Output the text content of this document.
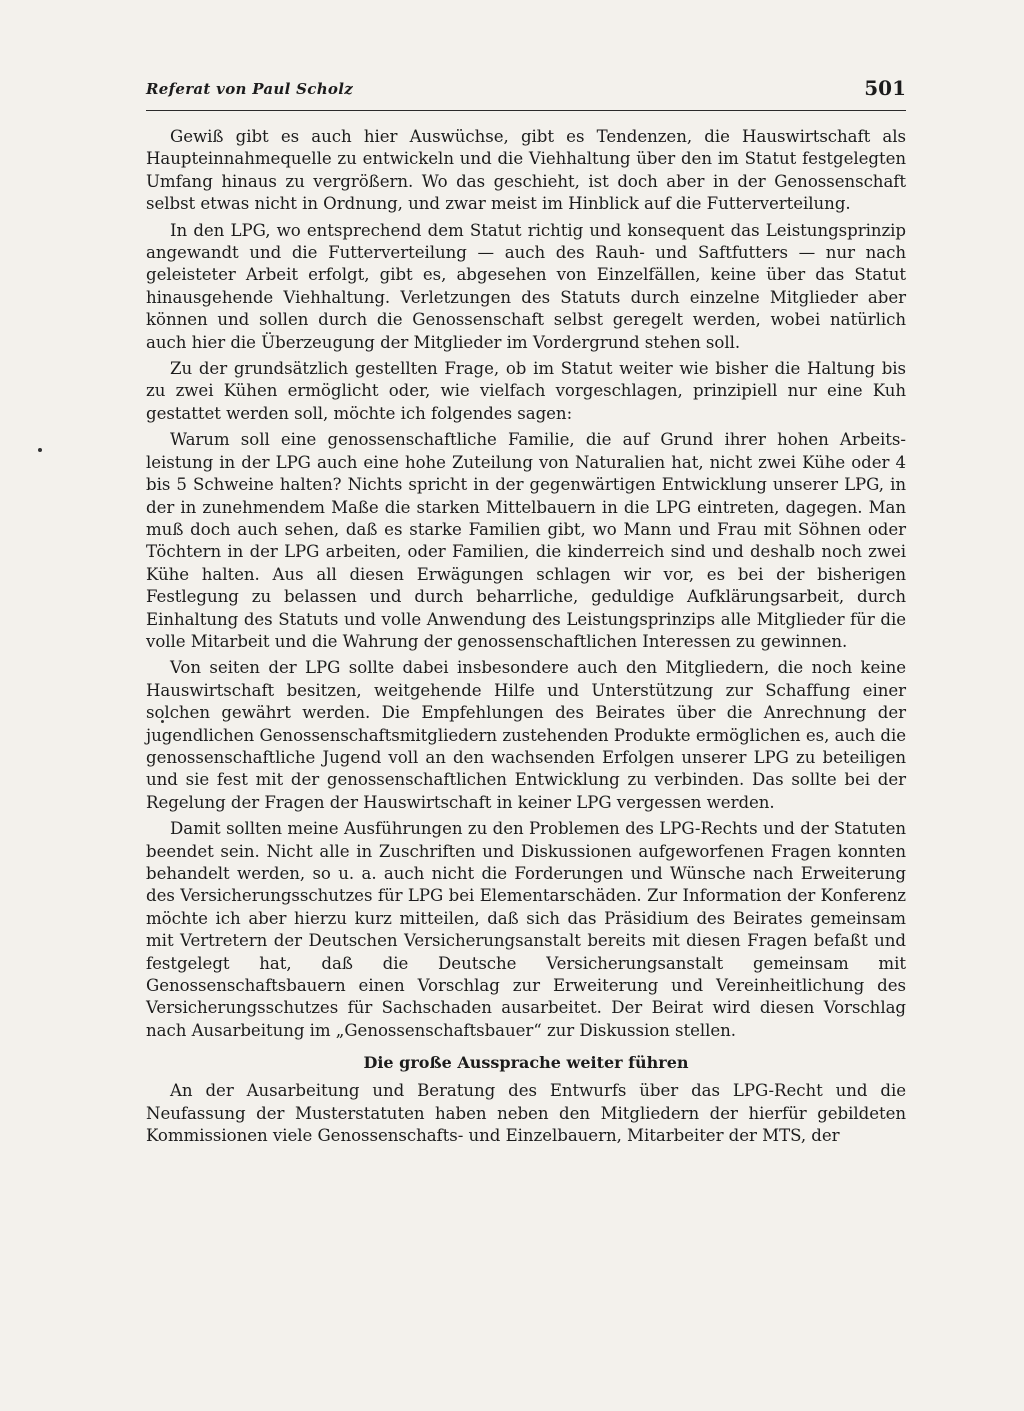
Referat von Paul Scholz	501

Gewiß gibt es auch hier Auswüchse, gibt es Tendenzen, die Hauswirtschaft als Haupteinnahmequelle zu entwickeln und die Viehhaltung über den im Statut festgelegten Umfang hinaus zu vergrößern. Wo das geschieht, ist doch aber in der Genossenschaft selbst etwas nicht in Ordnung, und zwar meist im Hinblick auf die Futterverteilung.

In den LPG, wo entsprechend dem Statut richtig und konsequent das Leistungsprinzip angewandt und die Futterverteilung — auch des Rauh- und Saftfutters — nur nach geleisteter Arbeit erfolgt, gibt es, abgesehen von Einzelfällen, keine über das Statut hinausgehende Viehhaltung. Verletzungen des Statuts durch einzelne Mitglieder aber können und sollen durch die Genossenschaft selbst geregelt werden, wobei natürlich auch hier die Überzeugung der Mitglieder im Vordergrund stehen soll.

Zu der grundsätzlich gestellten Frage, ob im Statut weiter wie bisher die Haltung bis zu zwei Kühen ermöglicht oder, wie vielfach vorgeschlagen, prinzipiell nur eine Kuh gestattet werden soll, möchte ich folgendes sagen:

Warum soll eine genossenschaftliche Familie, die auf Grund ihrer hohen Arbeitsleistung in der LPG auch eine hohe Zuteilung von Naturalien hat, nicht zwei Kühe oder 4 bis 5 Schweine halten? Nichts spricht in der gegenwärtigen Entwicklung unserer LPG, in der in zunehmendem Maße die starken Mittelbauern in die LPG eintreten, dagegen. Man muß doch auch sehen, daß es starke Familien gibt, wo Mann und Frau mit Söhnen oder Töchtern in der LPG arbeiten, oder Familien, die kinderreich sind und deshalb noch zwei Kühe halten. Aus all diesen Erwägungen schlagen wir vor, es bei der bisherigen Festlegung zu belassen und durch beharrliche, geduldige Aufklärungsarbeit, durch Einhaltung des Statuts und volle Anwendung des Leistungsprinzips alle Mitglieder für die volle Mitarbeit und die Wahrung der genossenschaftlichen Interessen zu gewinnen.

Von seiten der LPG sollte dabei insbesondere auch den Mitgliedern, die noch keine Hauswirtschaft besitzen, weitgehende Hilfe und Unterstützung zur Schaffung einer solchen gewährt werden. Die Empfehlungen des Beirates über die Anrechnung der jugendlichen Genossenschaftsmitgliedern zustehenden Produkte ermöglichen es, auch die genossenschaftliche Jugend voll an den wachsenden Erfolgen unserer LPG zu beteiligen und sie fest mit der genossenschaftlichen Entwicklung zu verbinden. Das sollte bei der Regelung der Fragen der Hauswirtschaft in keiner LPG vergessen werden.

Damit sollten meine Ausführungen zu den Problemen des LPG-Rechts und der Statuten beendet sein. Nicht alle in Zuschriften und Diskussionen aufgeworfenen Fragen konnten behandelt werden, so u. a. auch nicht die Forderungen und Wünsche nach Erweiterung des Versicherungsschutzes für LPG bei Elementarschäden. Zur Information der Konferenz möchte ich aber hierzu kurz mitteilen, daß sich das Präsidium des Beirates gemeinsam mit Vertretern der Deutschen Versicherungsanstalt bereits mit diesen Fragen befaßt und festgelegt hat, daß die Deutsche Versicherungsanstalt gemeinsam mit Genossenschaftsbauern einen Vorschlag zur Erweiterung und Vereinheitlichung des Versicherungsschutzes für Sachschaden ausarbeitet. Der Beirat wird diesen Vorschlag nach Ausarbeitung im „Genossenschaftsbauer“ zur Diskussion stellen.

Die große Aussprache weiter führen

An der Ausarbeitung und Beratung des Entwurfs über das LPG-Recht und die Neufassung der Musterstatuten haben neben den Mitgliedern der hierfür gebildeten Kommissionen viele Genossenschafts- und Einzelbauern, Mitarbeiter der MTS, der
